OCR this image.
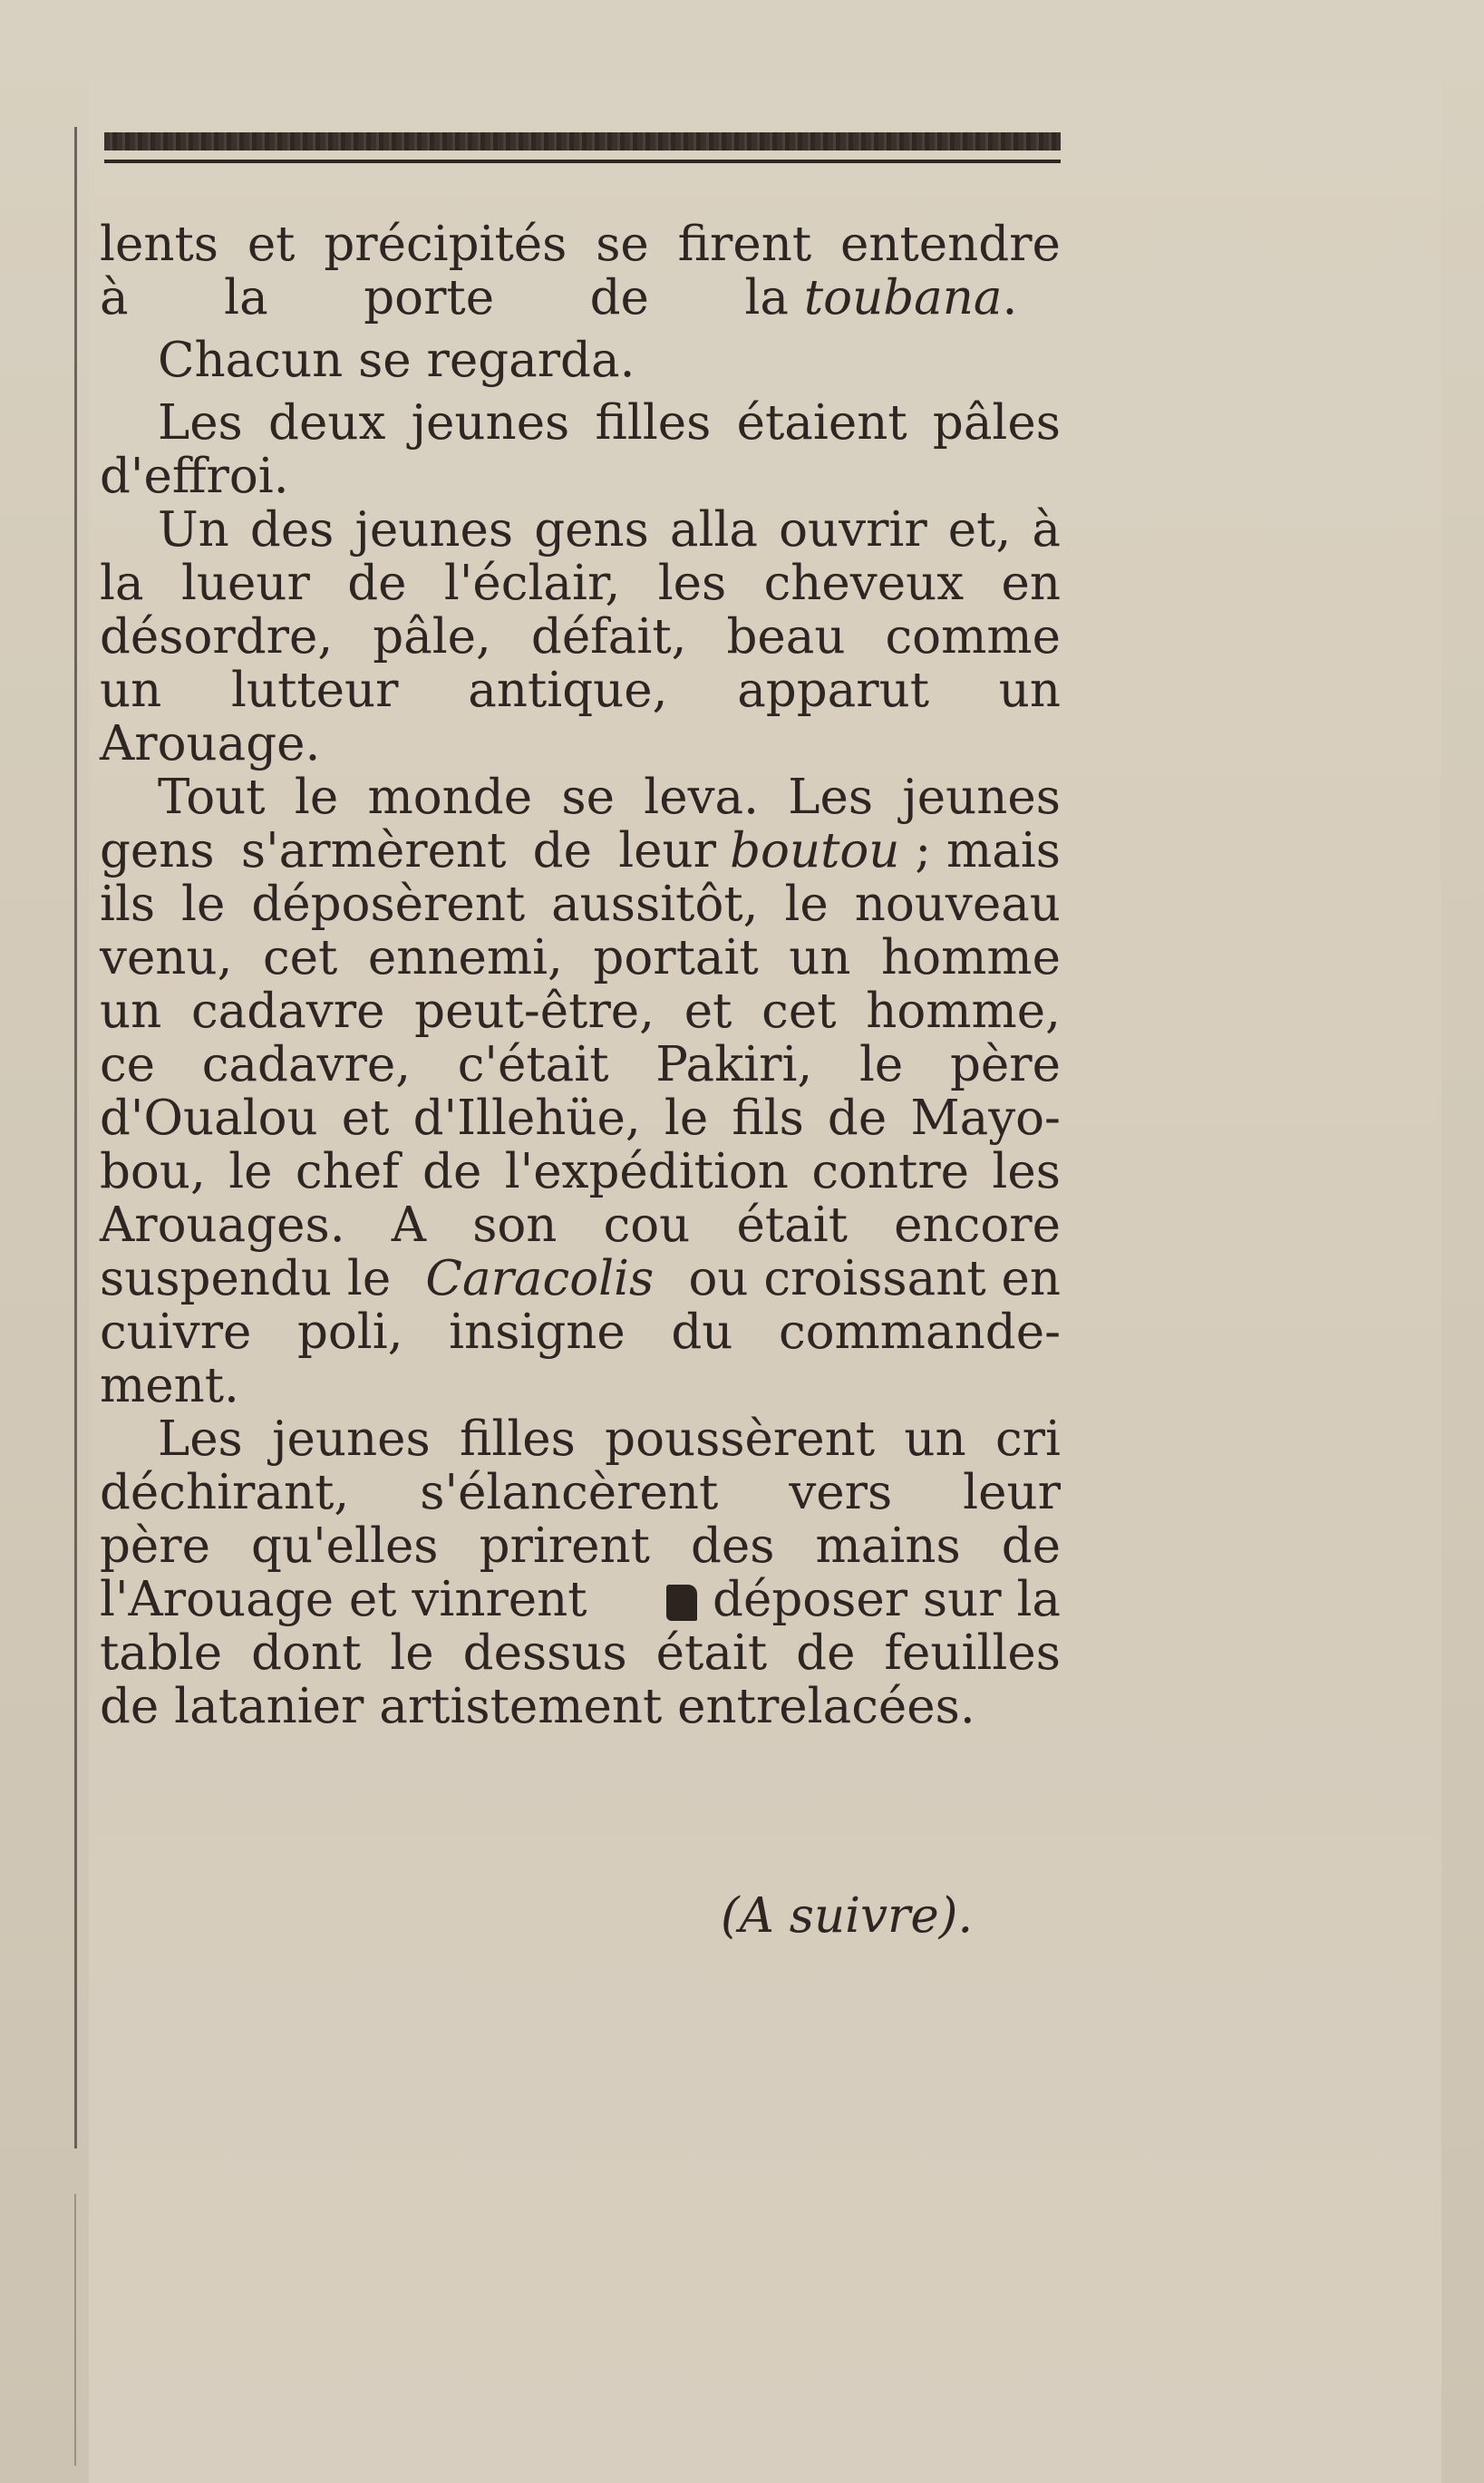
lents et précipités se firent entendre
à la porte de la toubana.
Chacun se regarda.
Les deux jeunes filles étaient pâles
d'effroi.
Un des jeunes gens alla ouvrir et, à
la lueur de l'éclair, les cheveux en
désordre, pâle, défait, beau comme
un lutteur antique, apparut un
Arouage.
Tout le monde se leva. Les jeunes
gens s'armèrent de leur boutou ; mais
ils le déposèrent aussitôt, le nouveau
venu, cet ennemi, portait un homme
un cadavre peut-être, et cet homme,
ce cadavre, c'était Pakiri, le père
d'Oualou et d'Illehüe, le fils de Mayo-
bou, le chef de l'expédition contre les
Arouages. A son cou était encore
suspendu le Caracolis ou croissant en
cuivre poli, insigne du commande-
ment.
Les jeunes filles poussèrent un cri
déchirant, s'élancèrent vers leur
père qu'elles prirent des mains de
l'Arouage et vinrent	déposer sur la
table dont le dessus était de feuilles
de latanier artistement entrelacées.
(A suivre).
